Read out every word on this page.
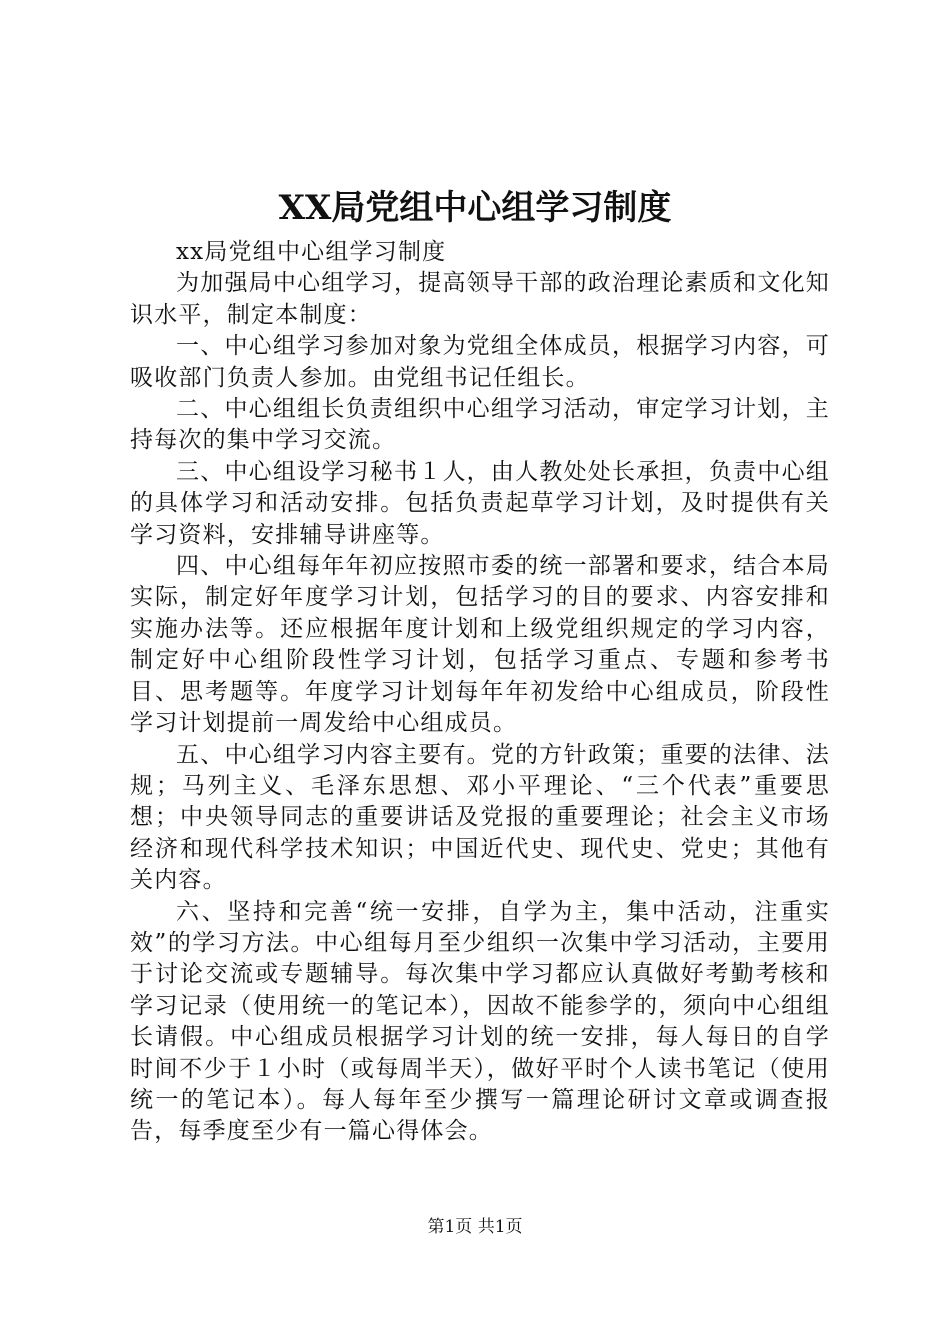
XX局党组中心组学习制度

xx局党组中心组学习制度

为加强局中心组学习，提高领导干部的政治理论素质和文化知识水平，制定本制度：

一、中心组学习参加对象为党组全体成员，根据学习内容，可吸收部门负责人参加。由党组书记任组长。

二、中心组组长负责组织中心组学习活动，审定学习计划，主持每次的集中学习交流。

三、中心组设学习秘书１人，由人教处处长承担，负责中心组的具体学习和活动安排。包括负责起草学习计划，及时提供有关学习资料，安排辅导讲座等。

四、中心组每年年初应按照市委的统一部署和要求，结合本局实际，制定好年度学习计划，包括学习的目的要求、内容安排和实施办法等。还应根据年度计划和上级党组织规定的学习内容，制定好中心组阶段性学习计划，包括学习重点、专题和参考书目、思考题等。年度学习计划每年年初发给中心组成员，阶段性学习计划提前一周发给中心组成员。

五、中心组学习内容主要有。党的方针政策；重要的法律、法规；马列主义、毛泽东思想、邓小平理论、“三个代表”重要思想；中央领导同志的重要讲话及党报的重要理论；社会主义市场经济和现代科学技术知识；中国近代史、现代史、党史；其他有关内容。

六、坚持和完善“统一安排，自学为主，集中活动，注重实效”的学习方法。中心组每月至少组织一次集中学习活动，主要用于讨论交流或专题辅导。每次集中学习都应认真做好考勤考核和学习记录（使用统一的笔记本），因故不能参学的，须向中心组组长请假。中心组成员根据学习计划的统一安排，每人每日的自学时间不少于１小时（或每周半天），做好平时个人读书笔记（使用统一的笔记本）。每人每年至少撰写一篇理论研讨文章或调查报告，每季度至少有一篇心得体会。

第1页 共1页
